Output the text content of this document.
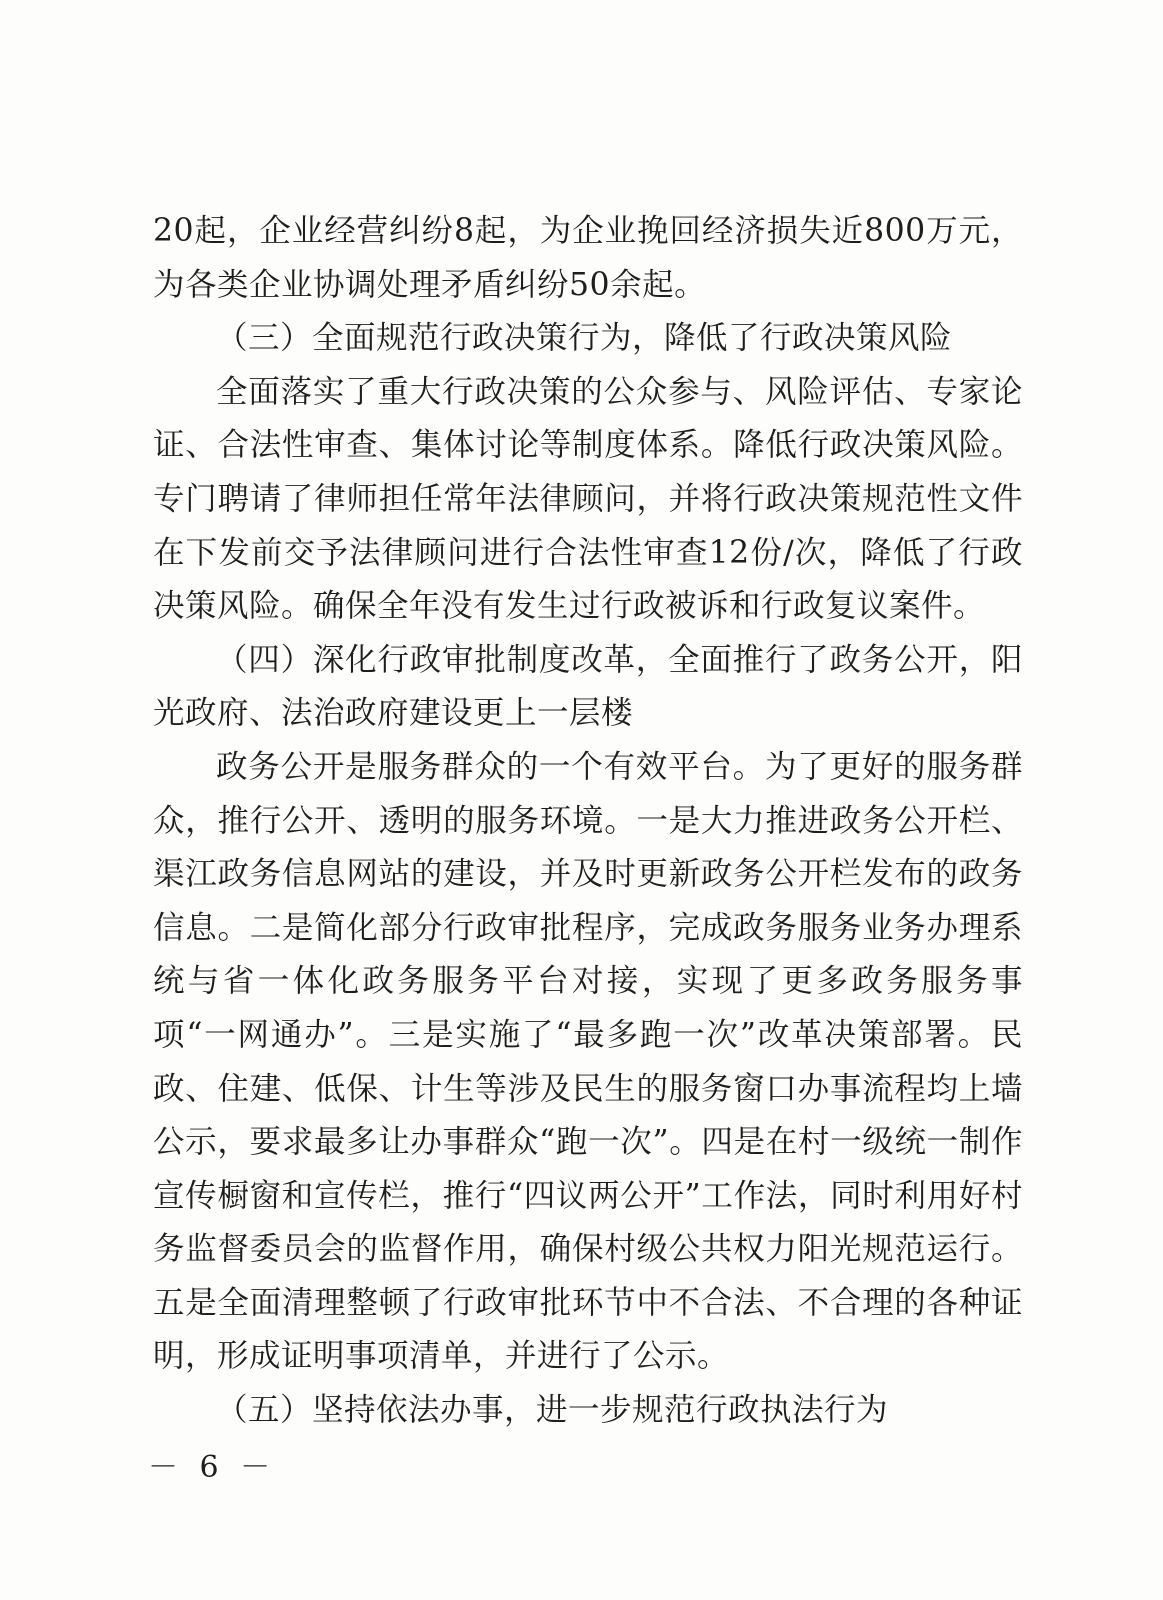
20起，企业经营纠纷8起，为企业挽回经济损失近800万元，为各类企业协调处理矛盾纠纷50余起。

（三）全面规范行政决策行为，降低了行政决策风险

全面落实了重大行政决策的公众参与、风险评估、专家论证、合法性审查、集体讨论等制度体系。降低行政决策风险。专门聘请了律师担任常年法律顾问，并将行政决策规范性文件在下发前交予法律顾问进行合法性审查12份/次，降低了行政决策风险。确保全年没有发生过行政被诉和行政复议案件。

（四）深化行政审批制度改革，全面推行了政务公开，阳光政府、法治政府建设更上一层楼

政务公开是服务群众的一个有效平台。为了更好的服务群众，推行公开、透明的服务环境。一是大力推进政务公开栏、渠江政务信息网站的建设，并及时更新政务公开栏发布的政务信息。二是简化部分行政审批程序，完成政务服务业务办理系统与省一体化政务服务平台对接，实现了更多政务服务事项“一网通办”。三是实施了“最多跑一次”改革决策部署。民政、住建、低保、计生等涉及民生的服务窗口办事流程均上墙公示，要求最多让办事群众“跑一次”。四是在村一级统一制作宣传橱窗和宣传栏，推行“四议两公开”工作法，同时利用好村务监督委员会的监督作用，确保村级公共权力阳光规范运行。五是全面清理整顿了行政审批环节中不合法、不合理的各种证明，形成证明事项清单，并进行了公示。

（五）坚持依法办事，进一步规范行政执法行为

－ 6 －
